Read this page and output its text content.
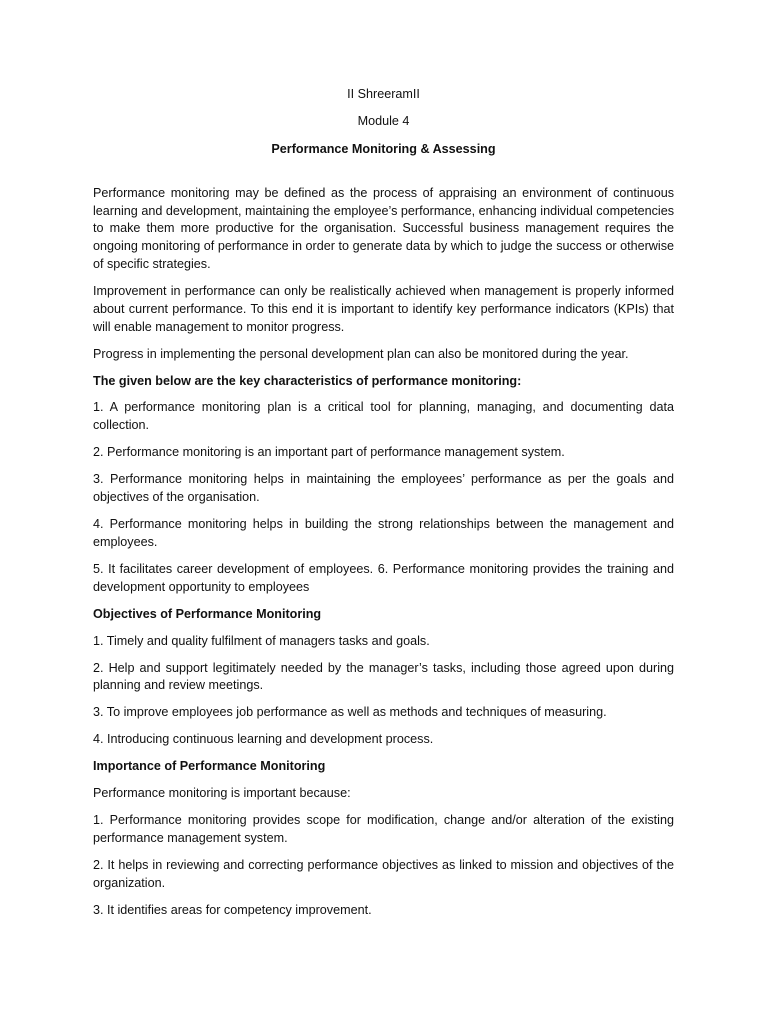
II ShreeramII

Module 4

Performance Monitoring & Assessing

Performance monitoring may be defined as the process of appraising an environment of continuous learning and development, maintaining the employee’s performance, enhancing individual competencies to make them more productive for the organisation. Successful business management requires the ongoing monitoring of performance in order to generate data by which to judge the success or otherwise of specific strategies.

Improvement in performance can only be realistically achieved when management is properly informed about current performance. To this end it is important to identify key performance indicators (KPIs) that will enable management to monitor progress.

Progress in implementing the personal development plan can also be monitored during the year.

The given below are the key characteristics of performance monitoring:

1. A performance monitoring plan is a critical tool for planning, managing, and documenting data collection.

2. Performance monitoring is an important part of performance management system.

3. Performance monitoring helps in maintaining the employees’ performance as per the goals and objectives of the organisation.

4. Performance monitoring helps in building the strong relationships between the management and employees.

5. It facilitates career development of employees. 6. Performance monitoring provides the training and development opportunity to employees

Objectives of Performance Monitoring

1. Timely and quality fulfilment of managers tasks and goals.

2. Help and support legitimately needed by the manager’s tasks, including those agreed upon during planning and review meetings.

3. To improve employees job performance as well as methods and techniques of measuring.

4. Introducing continuous learning and development process.

Importance of Performance Monitoring

Performance monitoring is important because:

1. Performance monitoring provides scope for modification, change and/or alteration of the existing performance management system.

2. It helps in reviewing and correcting performance objectives as linked to mission and objectives of the organization.

3. It identifies areas for competency improvement.
